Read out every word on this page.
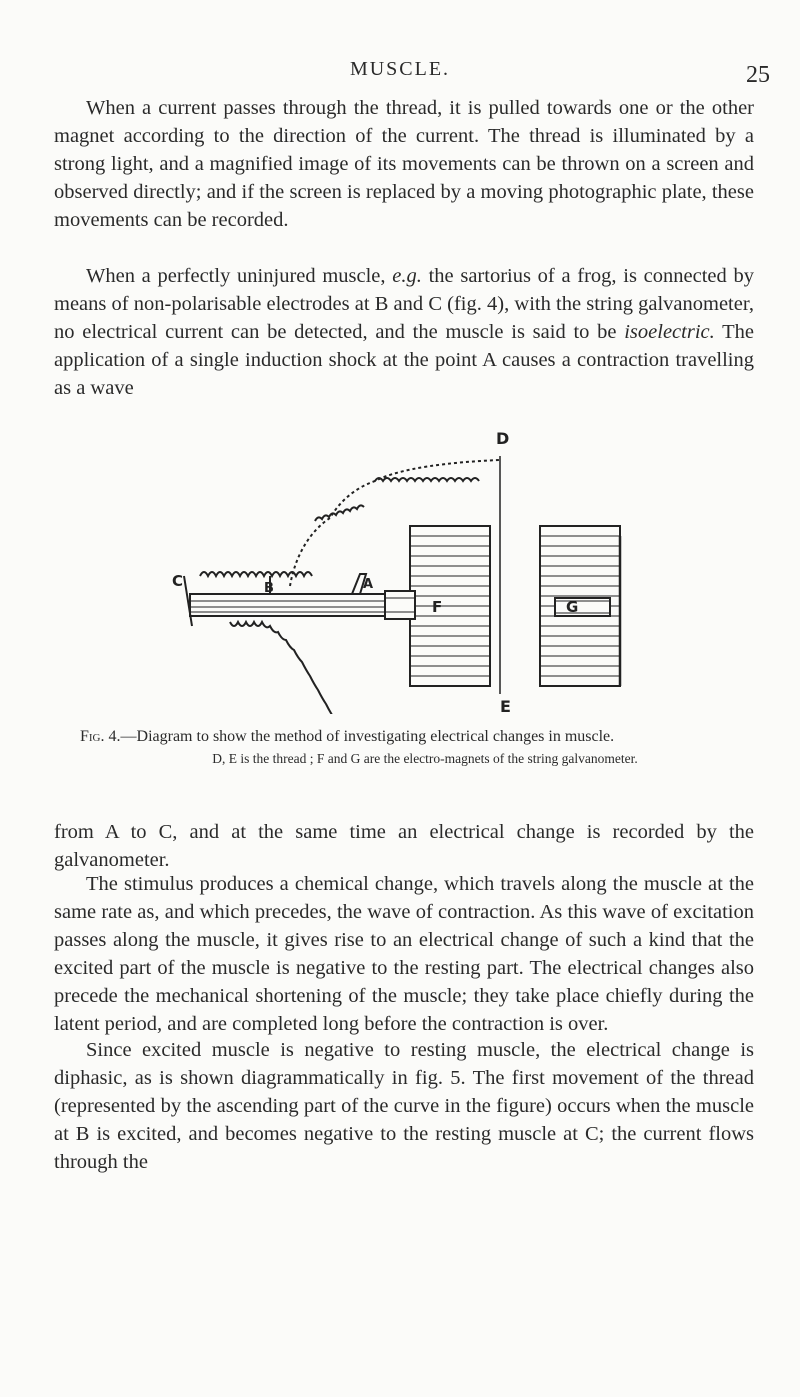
MUSCLE.	25

When a current passes through the thread, it is pulled towards one or the other magnet according to the direction of the current. The thread is illuminated by a strong light, and a magnified image of its movements can be thrown on a screen and observed directly; and if the screen is replaced by a moving photographic plate, these movements can be recorded.

When a perfectly uninjured muscle, e.g. the sartorius of a frog, is connected by means of non-polarisable electrodes at B and C (fig. 4), with the string galvanometer, no electrical current can be detected, and the muscle is said to be isoelectric. The application of a single induction shock at the point A causes a contraction travelling as a wave

D
E
C	B	A
F	G
Fig. 4.—Diagram to show the method of investigating electrical changes in muscle.
D, E is the thread ; F and G are the electro-magnets of the string galvanometer.

from A to C, and at the same time an electrical change is recorded by the galvanometer.

The stimulus produces a chemical change, which travels along the muscle at the same rate as, and which precedes, the wave of contraction. As this wave of excitation passes along the muscle, it gives rise to an electrical change of such a kind that the excited part of the muscle is negative to the resting part. The electrical changes also precede the mechanical shortening of the muscle; they take place chiefly during the latent period, and are completed long before the contraction is over.

Since excited muscle is negative to resting muscle, the electrical change is diphasic, as is shown diagrammatically in fig. 5. The first movement of the thread (represented by the ascending part of the curve in the figure) occurs when the muscle at B is excited, and becomes negative to the resting muscle at C; the current flows through the
